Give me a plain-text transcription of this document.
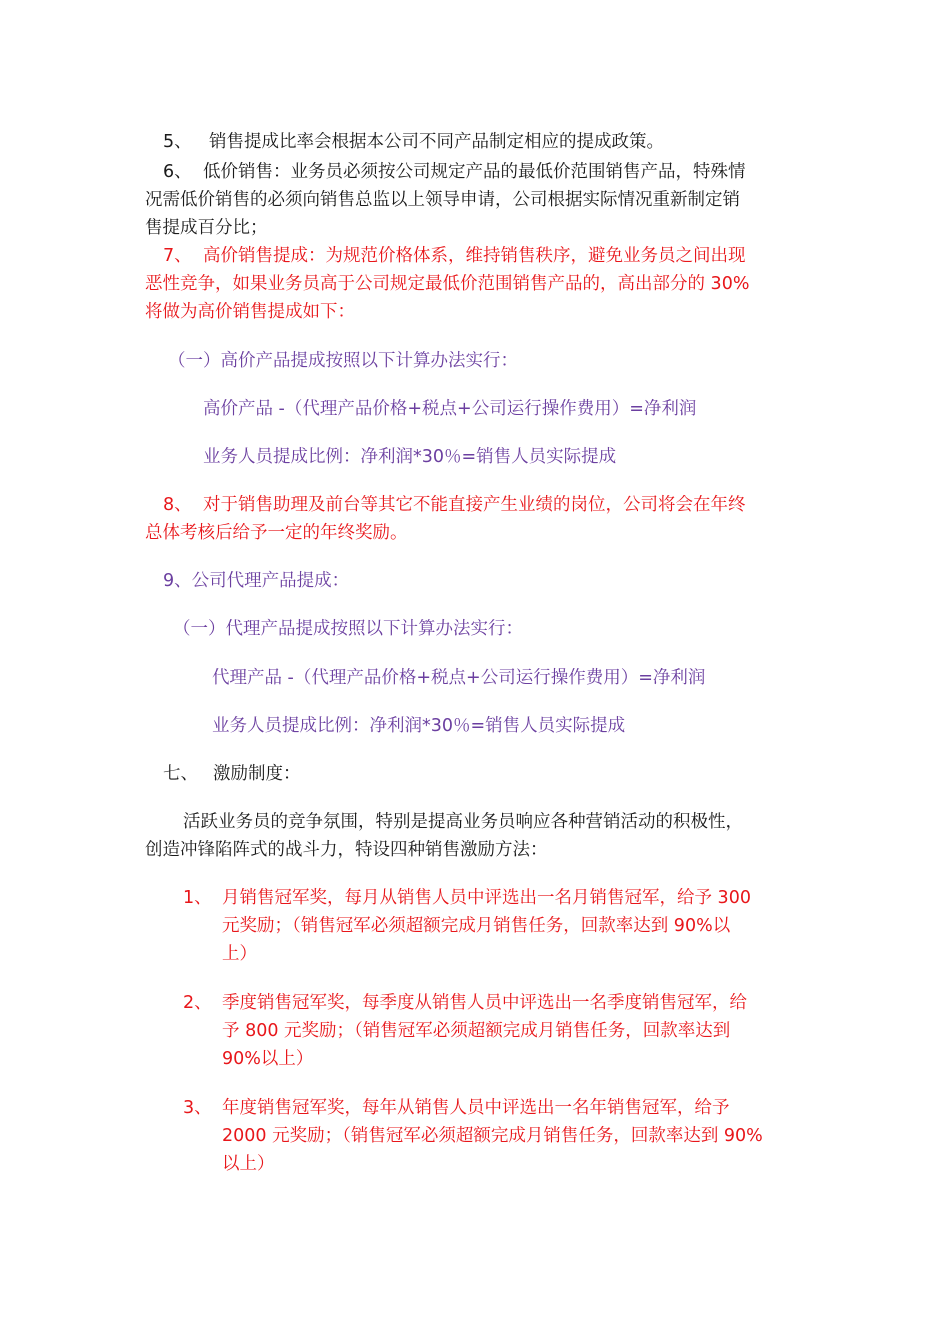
5、 销售提成比率会根据本公司不同产品制定相应的提成政策。
6、 低价销售：业务员必须按公司规定产品的最低价范围销售产品，特殊情
况需低价销售的必须向销售总监以上领导申请，公司根据实际情况重新制定销
售提成百分比；
7、 高价销售提成：为规范价格体系，维持销售秩序，避免业务员之间出现
恶性竞争，如果业务员高于公司规定最低价范围销售产品的，高出部分的 30%
将做为高价销售提成如下：
（一）高价产品提成按照以下计算办法实行：
高价产品 -（代理产品价格+税点+公司运行操作费用）=净利润
业务人员提成比例：净利润*30％=销售人员实际提成
8、 对于销售助理及前台等其它不能直接产生业绩的岗位，公司将会在年终
总体考核后给予一定的年终奖励。
9、公司代理产品提成：
（一）代理产品提成按照以下计算办法实行：
代理产品 -（代理产品价格+税点+公司运行操作费用）=净利润
业务人员提成比例：净利润*30％=销售人员实际提成
七、 激励制度：
活跃业务员的竞争氛围，特别是提高业务员响应各种营销活动的积极性，
创造冲锋陷阵式的战斗力，特设四种销售激励方法：
1、 月销售冠军奖，每月从销售人员中评选出一名月销售冠军，给予 300
元奖励；（销售冠军必须超额完成月销售任务，回款率达到 90%以
上）
2、 季度销售冠军奖，每季度从销售人员中评选出一名季度销售冠军，给
予 800 元奖励；（销售冠军必须超额完成月销售任务，回款率达到
90%以上）
3、 年度销售冠军奖，每年从销售人员中评选出一名年销售冠军，给予
2000 元奖励；（销售冠军必须超额完成月销售任务，回款率达到 90%
以上）
